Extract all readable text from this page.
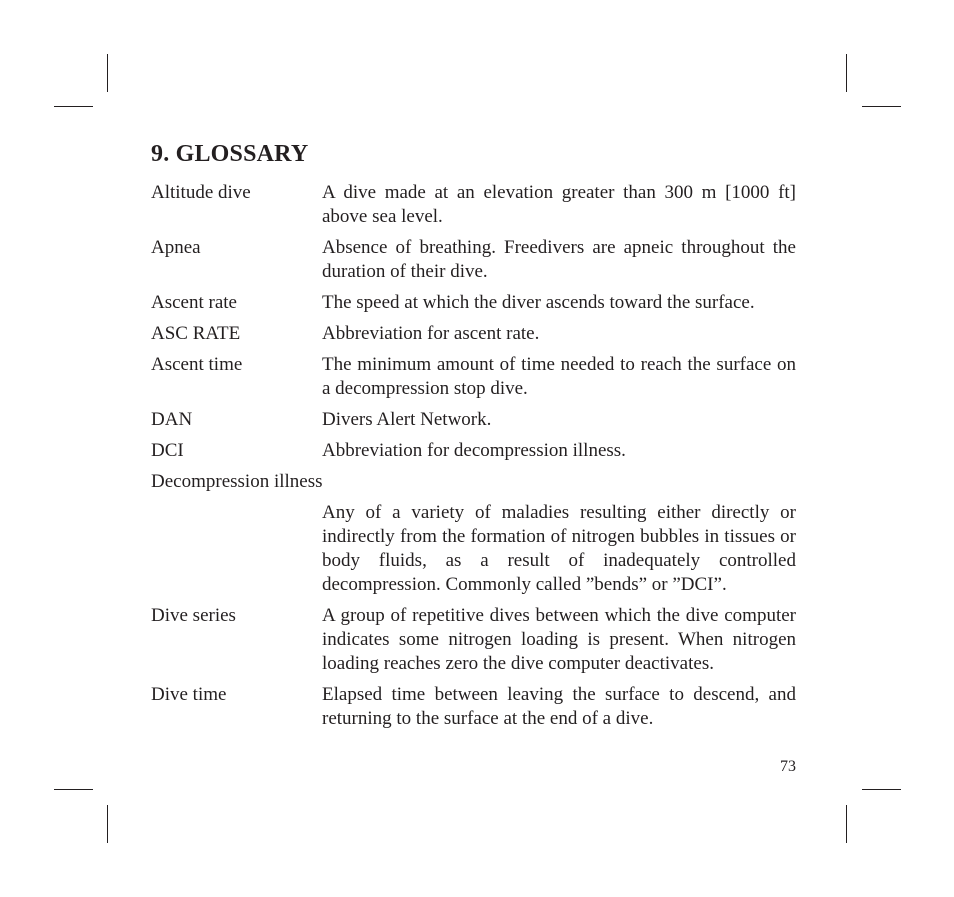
9. GLOSSARY
Altitude dive	A dive made at an elevation greater than 300 m [1000 ft] above sea level.
Apnea	Absence of breathing. Freedivers are apneic throughout the duration of their dive.
Ascent rate	The speed at which the diver ascends toward the surface.
ASC RATE	Abbreviation for ascent rate.
Ascent time	The minimum amount of time needed to reach the surface on a decompression stop dive.
DAN	Divers Alert Network.
DCI	Abbreviation for decompression illness.
Decompression illness
Any of a variety of maladies resulting either directly or indirectly from the formation of nitrogen bubbles in tissues or body fluids, as a result of inadequately controlled decompression. Commonly called ”bends” or ”DCI”.
Dive series	A group of repetitive dives between which the dive computer indicates some nitrogen loading is present. When nitrogen loading reaches zero the dive computer deactivates.
Dive time	Elapsed time between leaving the surface to descend, and returning to the surface at the end of a dive.
73
